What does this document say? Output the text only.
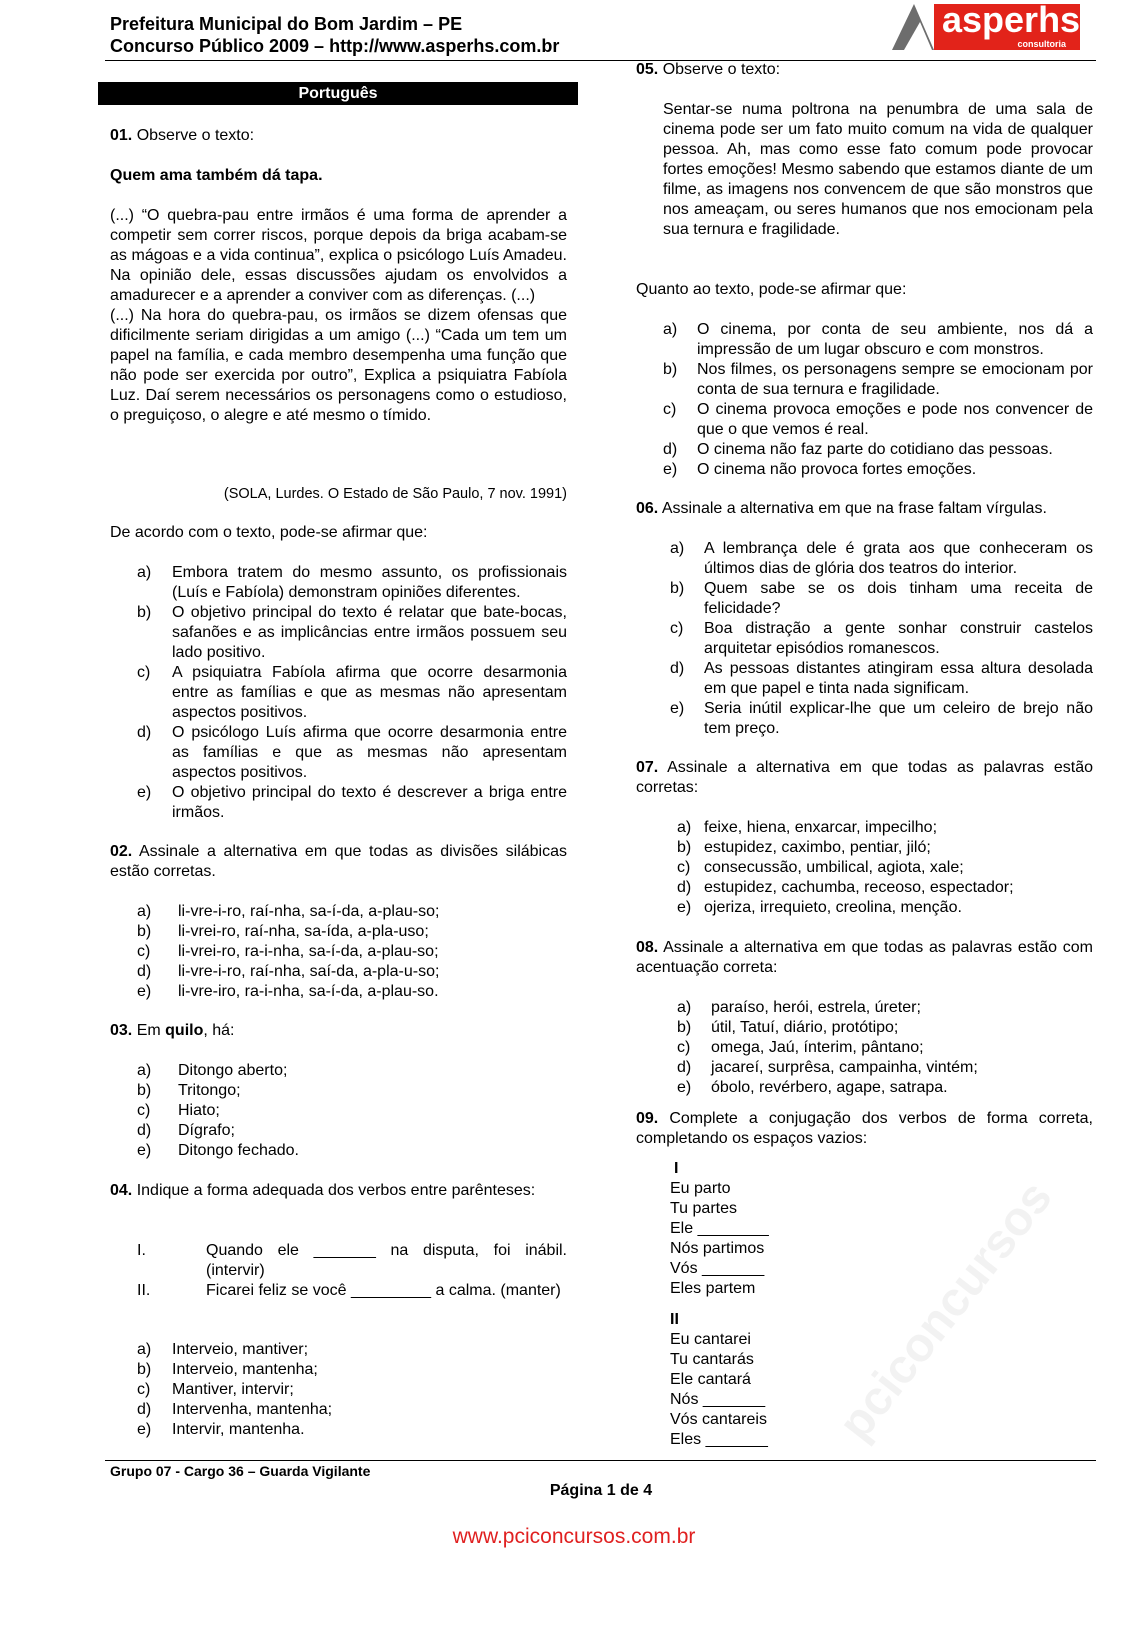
pciconcursos
Prefeitura Municipal do Bom Jardim – PE
Concurso Público 2009 – http://www.asperhs.com.br
asperhs
consultoria
Português
01. Observe o texto:
Quem ama também dá tapa.
(...) “O quebra-pau entre irmãos é uma forma de aprender a competir sem correr riscos, porque depois da briga acabam-se as mágoas e a vida continua”, explica o psicólogo Luís Amadeu. Na opinião dele, essas discussões ajudam os envolvidos a amadurecer e a aprender a conviver com as diferenças. (...)
(...) Na hora do quebra-pau, os irmãos se dizem ofensas que dificilmente seriam dirigidas a um amigo (...) “Cada um tem um papel na família, e cada membro desempenha uma função que não pode ser exercida por outro”, Explica a psiquiatra Fabíola Luz. Daí serem necessários os personagens como o estudioso, o preguiçoso, o alegre e até mesmo o tímido.
(SOLA, Lurdes. O Estado de São Paulo, 7 nov. 1991)
De acordo com o texto, pode-se afirmar que:
a) Embora tratem do mesmo assunto, os profissionais (Luís e Fabíola) demonstram opiniões diferentes.
b) O objetivo principal do texto é relatar que bate-bocas, safanões e as implicâncias entre irmãos possuem seu lado positivo.
c) A psiquiatra Fabíola afirma que ocorre desarmonia entre as famílias e que as mesmas não apresentam aspectos positivos.
d) O psicólogo Luís afirma que ocorre desarmonia entre as famílias e que as mesmas não apresentam aspectos positivos.
e) O objetivo principal do texto é descrever a briga entre irmãos.
02. Assinale a alternativa em que todas as divisões silábicas estão corretas.
a) li-vre-i-ro, raí-nha, sa-í-da, a-plau-so;
b) li-vrei-ro, raí-nha, sa-ída, a-pla-uso;
c) li-vrei-ro, ra-i-nha, sa-í-da, a-plau-so;
d) li-vre-i-ro, raí-nha, saí-da, a-pla-u-so;
e) li-vre-iro, ra-i-nha, sa-í-da, a-plau-so.
03. Em quilo, há:
a) Ditongo aberto;
b) Tritongo;
c) Hiato;
d) Dígrafo;
e) Ditongo fechado.
04. Indique a forma adequada dos verbos entre parênteses:
I.	Quando ele _______ na disputa, foi inábil. (intervir)
II.	Ficarei feliz se você _________ a calma. (manter)
a) Interveio, mantiver;
b) Interveio, mantenha;
c) Mantiver, intervir;
d) Intervenha, mantenha;
e) Intervir, mantenha.
05. Observe o texto:
Sentar-se numa poltrona na penumbra de uma sala de cinema pode ser um fato muito comum na vida de qualquer pessoa. Ah, mas como esse fato comum pode provocar fortes emoções! Mesmo sabendo que estamos diante de um filme, as imagens nos convencem de que são monstros que nos ameaçam, ou seres humanos que nos emocionam pela sua ternura e fragilidade.
Quanto ao texto, pode-se afirmar que:
a) O cinema, por conta de seu ambiente, nos dá a impressão de um lugar obscuro e com monstros.
b) Nos filmes, os personagens sempre se emocionam por conta de sua ternura e fragilidade.
c) O cinema provoca emoções e pode nos convencer de que o que vemos é real.
d) O cinema não faz parte do cotidiano das pessoas.
e) O cinema não provoca fortes emoções.
06. Assinale a alternativa em que na frase faltam vírgulas.
a) A lembrança dele é grata aos que conheceram os últimos dias de glória dos teatros do interior.
b) Quem sabe se os dois tinham uma receita de felicidade?
c) Boa distração a gente sonhar construir castelos arquitetar episódios romanescos.
d) As pessoas distantes atingiram essa altura desolada em que papel e tinta nada significam.
e) Seria inútil explicar-lhe que um celeiro de brejo não tem preço.
07. Assinale a alternativa em que todas as palavras estão corretas:
a) feixe, hiena, enxarcar, impecilho;
b) estupidez, caximbo, pentiar, jiló;
c) consecussão, umbilical, agiota, xale;
d) estupidez, cachumba, receoso, espectador;
e) ojeriza, irrequieto, creolina, menção.
08. Assinale a alternativa em que todas as palavras estão com acentuação correta:
a) paraíso, herói, estrela, úreter;
b) útil, Tatuí, diário, protótipo;
c) omega, Jaú, ínterim, pântano;
d) jacareí, surprêsa, campainha, vintém;
e) óbolo, revérbero, agape, satrapa.
09. Complete a conjugação dos verbos de forma correta, completando os espaços vazios:
I
Eu parto
Tu partes
Ele ________
Nós partimos
Vós _______
Eles partem
II
Eu cantarei
Tu cantarás
Ele cantará
Nós _______
Vós cantareis
Eles _______
Grupo 07 - Cargo 36 – Guarda Vigilante
Página 1 de 4
www.pciconcursos.com.br
